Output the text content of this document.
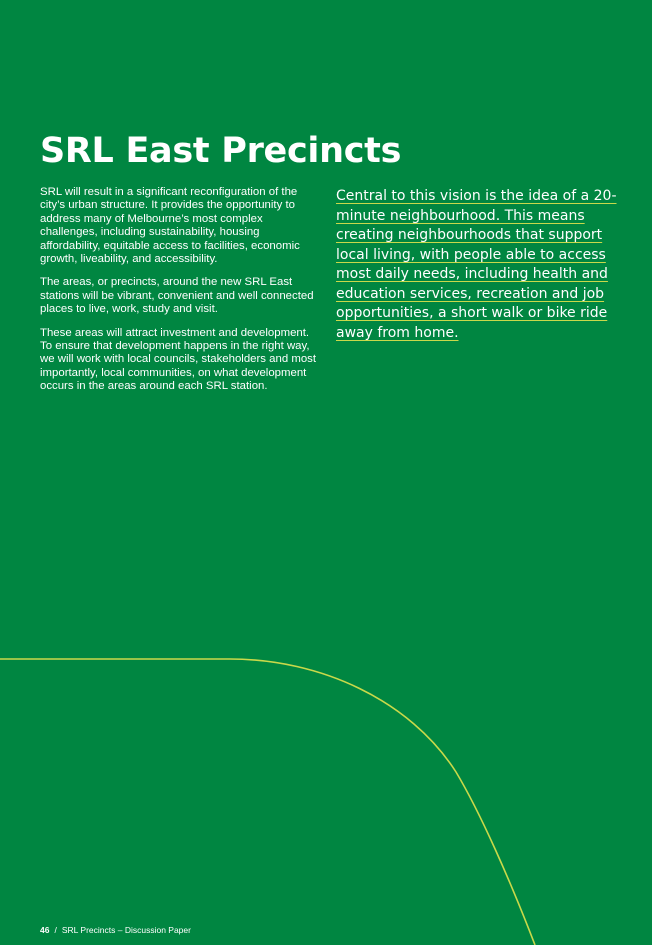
SRL East Precincts

SRL will result in a significant reconfiguration of the city’s urban structure. It provides the opportunity to address many of Melbourne’s most complex challenges, including sustainability, housing affordability, equitable access to facilities, economic growth, liveability, and accessibility.

The areas, or precincts, around the new SRL East stations will be vibrant, convenient and well connected places to live, work, study and visit.

These areas will attract investment and development. To ensure that development happens in the right way, we will work with local councils, stakeholders and most importantly, local communities, on what development occurs in the areas around each SRL station.

Central to this vision is the idea of a 20-minute neighbourhood. This means creating neighbourhoods that support local living, with people able to access most daily needs, including health and education services, recreation and job opportunities, a short walk or bike ride away from home.

46 / SRL Precincts – Discussion Paper
